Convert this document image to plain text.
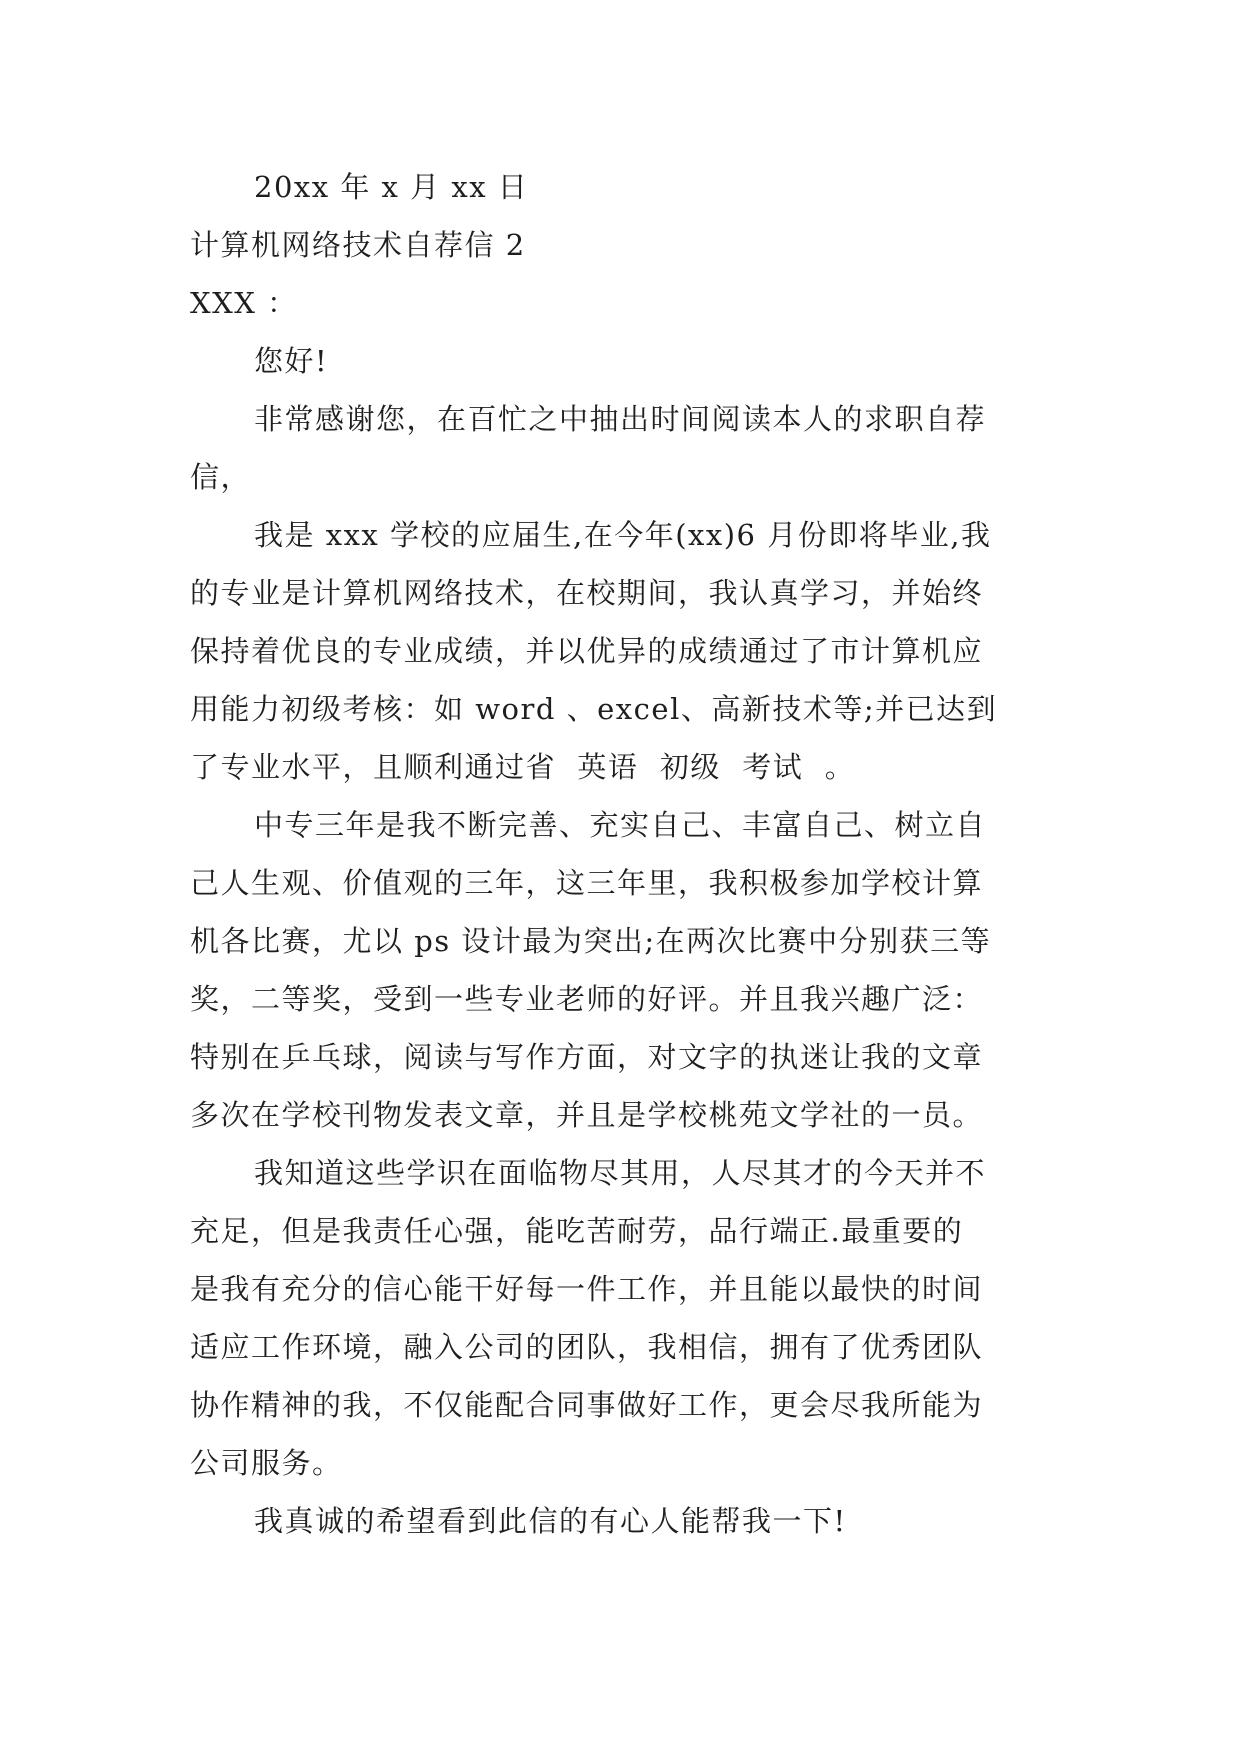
20xx 年 x 月 xx 日
计算机网络技术自荐信 2
XXX ：
您好!
非常感谢您，在百忙之中抽出时间阅读本人的求职自荐
信，
我是 xxx 学校的应届生,在今年(xx)6 月份即将毕业,我
的专业是计算机网络技术，在校期间，我认真学习，并始终
保持着优良的专业成绩，并以优异的成绩通过了市计算机应
用能力初级考核：如 word 、excel、高新技术等;并已达到
了专业水平，且顺利通过省  英语  初级  考试  。
中专三年是我不断完善、充实自己、丰富自己、树立自
己人生观、价值观的三年，这三年里，我积极参加学校计算
机各比赛，尤以 ps 设计最为突出;在两次比赛中分别获三等
奖，二等奖，受到一些专业老师的好评。并且我兴趣广泛：
特别在乒乓球，阅读与写作方面，对文字的执迷让我的文章
多次在学校刊物发表文章，并且是学校桃苑文学社的一员。
我知道这些学识在面临物尽其用，人尽其才的今天并不
充足，但是我责任心强，能吃苦耐劳，品行端正.最重要的
是我有充分的信心能干好每一件工作，并且能以最快的时间
适应工作环境，融入公司的团队，我相信，拥有了优秀团队
协作精神的我，不仅能配合同事做好工作，更会尽我所能为
公司服务。
我真诚的希望看到此信的有心人能帮我一下!
